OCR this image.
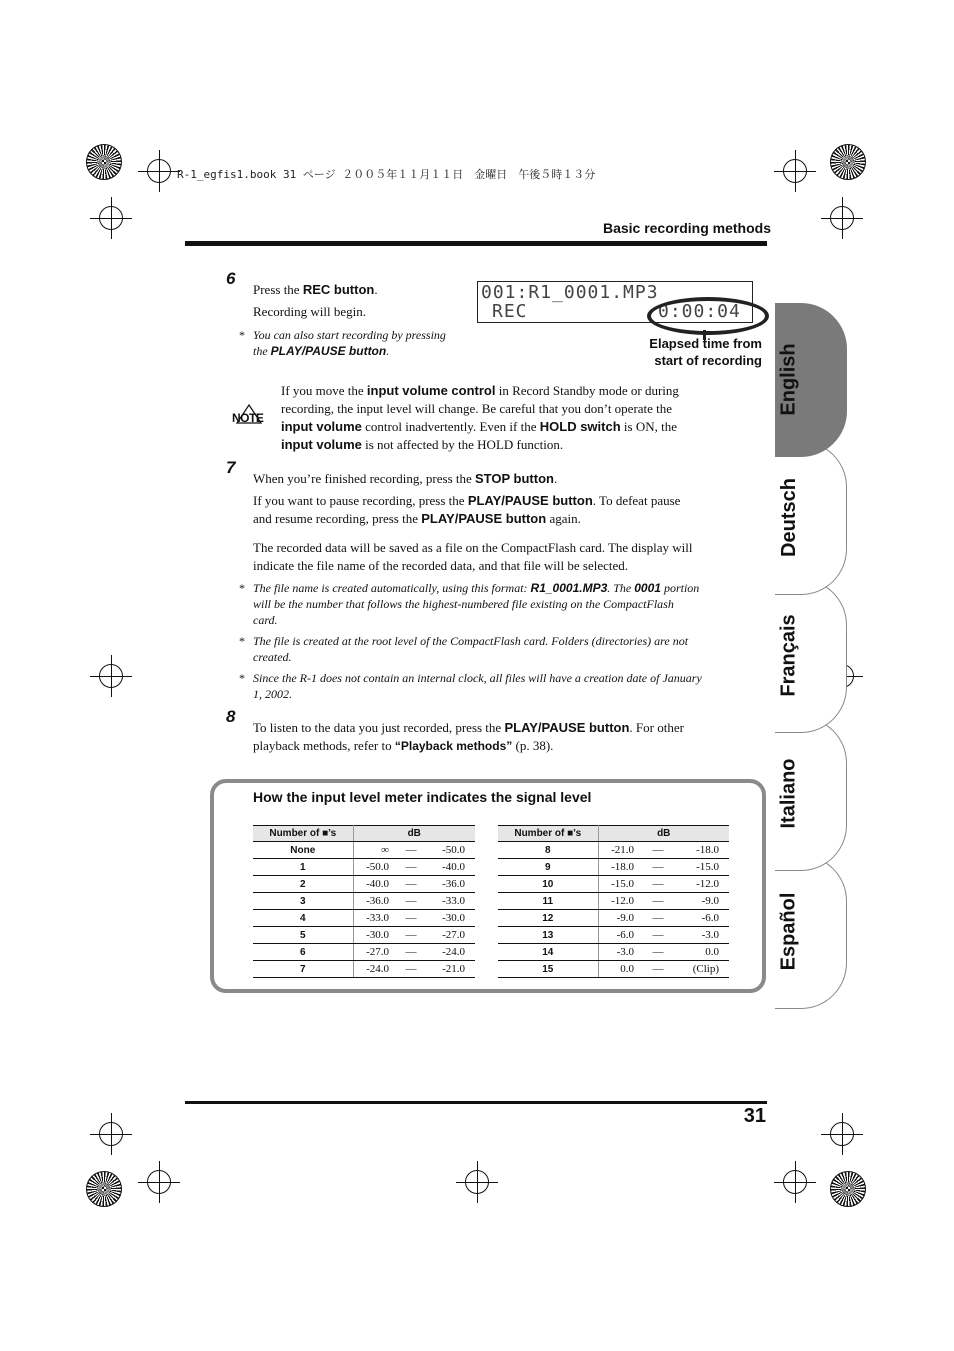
R-1_egfis1.book 31 ページ ２００５年１１月１１日　金曜日　午後５時１３分
Basic recording methods
English
Deutsch
Français
Italiano
Español
6
Press the REC button.
Recording will begin.
* You can also start recording by pressing
the PLAY/PAUSE button.
001:R1_0001.MP3
REC	0:00:04
Elapsed time from
start of recording
NOTE
If you move the input volume control in Record Standby mode or during
recording, the input level will change. Be careful that you don’t operate the
input volume control inadvertently. Even if the HOLD switch is ON, the
input volume is not affected by the HOLD function.
7
When you’re finished recording, press the STOP button.
If you want to pause recording, press the PLAY/PAUSE button. To defeat pause
and resume recording, press the PLAY/PAUSE button again.
The recorded data will be saved as a file on the CompactFlash card. The display will
indicate the file name of the recorded data, and that file will be selected.
* The file name is created automatically, using this format: R1_0001.MP3. The 0001 portion
will be the number that follows the highest-numbered file existing on the CompactFlash
card.
* The file is created at the root level of the CompactFlash card. Folders (directories) are not
created.
* Since the R-1 does not contain an internal clock, all files will have a creation date of January
1, 2002.
8
To listen to the data you just recorded, press the PLAY/PAUSE button. For other
playback methods, refer to “Playback methods” (p. 38).
How the input level meter indicates the signal level
Number of ■’s	dB		
None	∞	—	-50.0
1	-50.0	—	-40.0
2	-40.0	—	-36.0
3	-36.0	—	-33.0
4	-33.0	—	-30.0
5	-30.0	—	-27.0
6	-27.0	—	-24.0
7	-24.0	—	-21.0
Number of ■’s	dB		
8	-21.0	—	-18.0
9	-18.0	—	-15.0
10	-15.0	—	-12.0
11	-12.0	—	-9.0
12	-9.0	—	-6.0
13	-6.0	—	-3.0
14	-3.0	—	0.0
15	0.0	—	(Clip)
31
